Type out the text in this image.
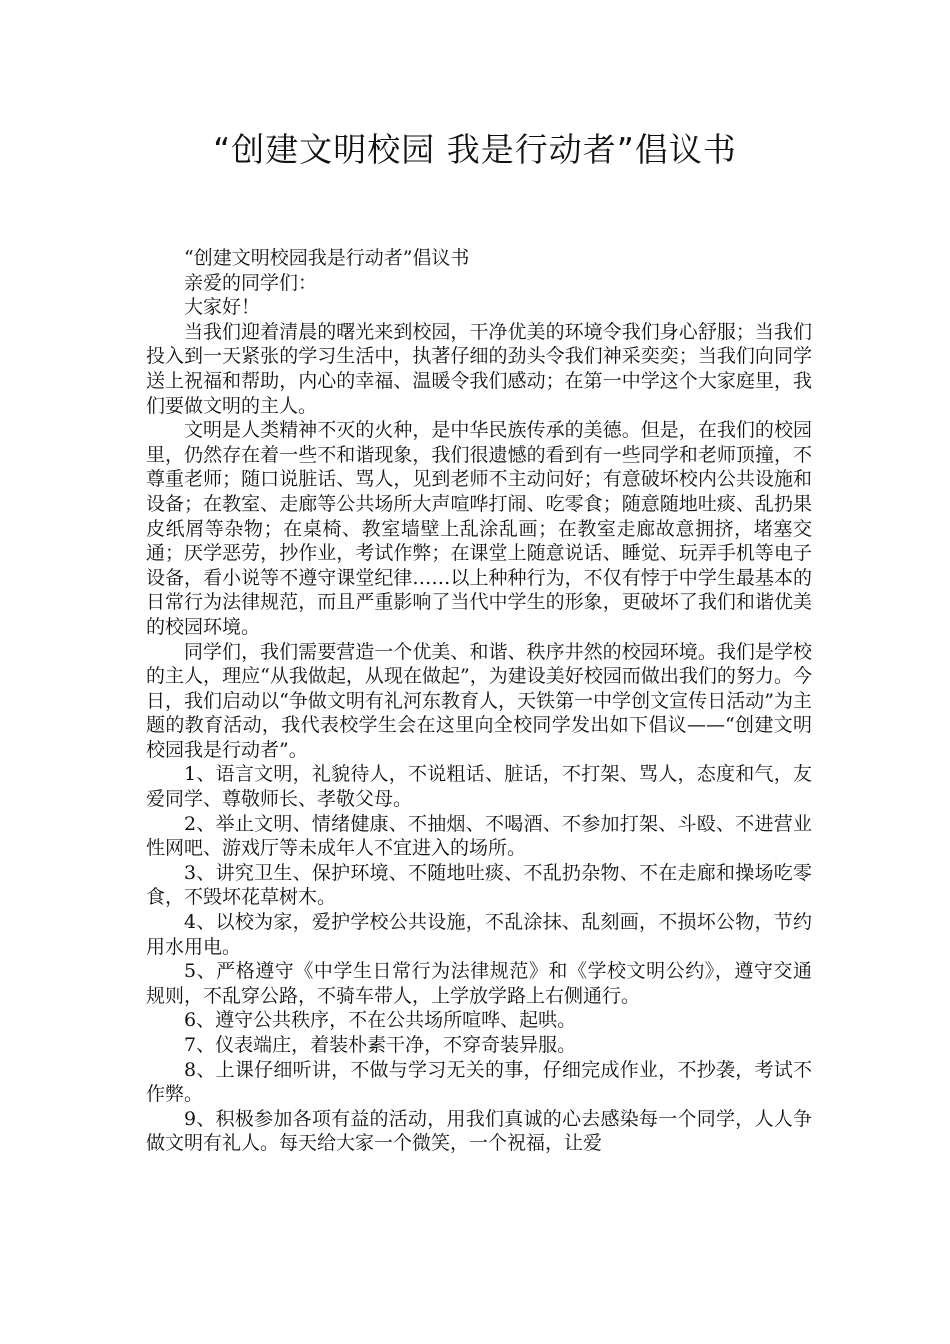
“创建文明校园 我是行动者”倡议书

“创建文明校园我是行动者”倡议书

亲爱的同学们：

大家好！

当我们迎着清晨的曙光来到校园，干净优美的环境令我们身心舒服；当我们投入到一天紧张的学习生活中，执著仔细的劲头令我们神采奕奕；当我们向同学送上祝福和帮助，内心的幸福、温暖令我们感动；在第一中学这个大家庭里，我们要做文明的主人。

文明是人类精神不灭的火种，是中华民族传承的美德。但是，在我们的校园里，仍然存在着一些不和谐现象，我们很遗憾的看到有一些同学和老师顶撞，不尊重老师；随口说脏话、骂人，见到老师不主动问好；有意破坏校内公共设施和设备；在教室、走廊等公共场所大声喧哗打闹、吃零食；随意随地吐痰、乱扔果皮纸屑等杂物；在桌椅、教室墙壁上乱涂乱画；在教室走廊故意拥挤，堵塞交通；厌学恶劳，抄作业，考试作弊；在课堂上随意说话、睡觉、玩弄手机等电子设备，看小说等不遵守课堂纪律……以上种种行为，不仅有悖于中学生最基本的日常行为法律规范，而且严重影响了当代中学生的形象，更破坏了我们和谐优美的校园环境。

同学们，我们需要营造一个优美、和谐、秩序井然的校园环境。我们是学校的主人，理应“从我做起，从现在做起”，为建设美好校园而做出我们的努力。今日，我们启动以“争做文明有礼河东教育人，天铁第一中学创文宣传日活动”为主题的教育活动，我代表校学生会在这里向全校同学发出如下倡议——“创建文明校园我是行动者”。

1、语言文明，礼貌待人，不说粗话、脏话，不打架、骂人，态度和气，友爱同学、尊敬师长、孝敬父母。

2、举止文明、情绪健康、不抽烟、不喝酒、不参加打架、斗殴、不进营业性网吧、游戏厅等未成年人不宜进入的场所。

3、讲究卫生、保护环境、不随地吐痰、不乱扔杂物、不在走廊和操场吃零食，不毁坏花草树木。

4、以校为家，爱护学校公共设施，不乱涂抹、乱刻画，不损坏公物，节约用水用电。

5、严格遵守《中学生日常行为法律规范》和《学校文明公约》，遵守交通规则，不乱穿公路，不骑车带人，上学放学路上右侧通行。

6、遵守公共秩序，不在公共场所喧哗、起哄。

7、仪表端庄，着装朴素干净，不穿奇装异服。

8、上课仔细听讲，不做与学习无关的事，仔细完成作业，不抄袭，考试不作弊。

9、积极参加各项有益的活动，用我们真诚的心去感染每一个同学，人人争做文明有礼人。每天给大家一个微笑，一个祝福，让爱
